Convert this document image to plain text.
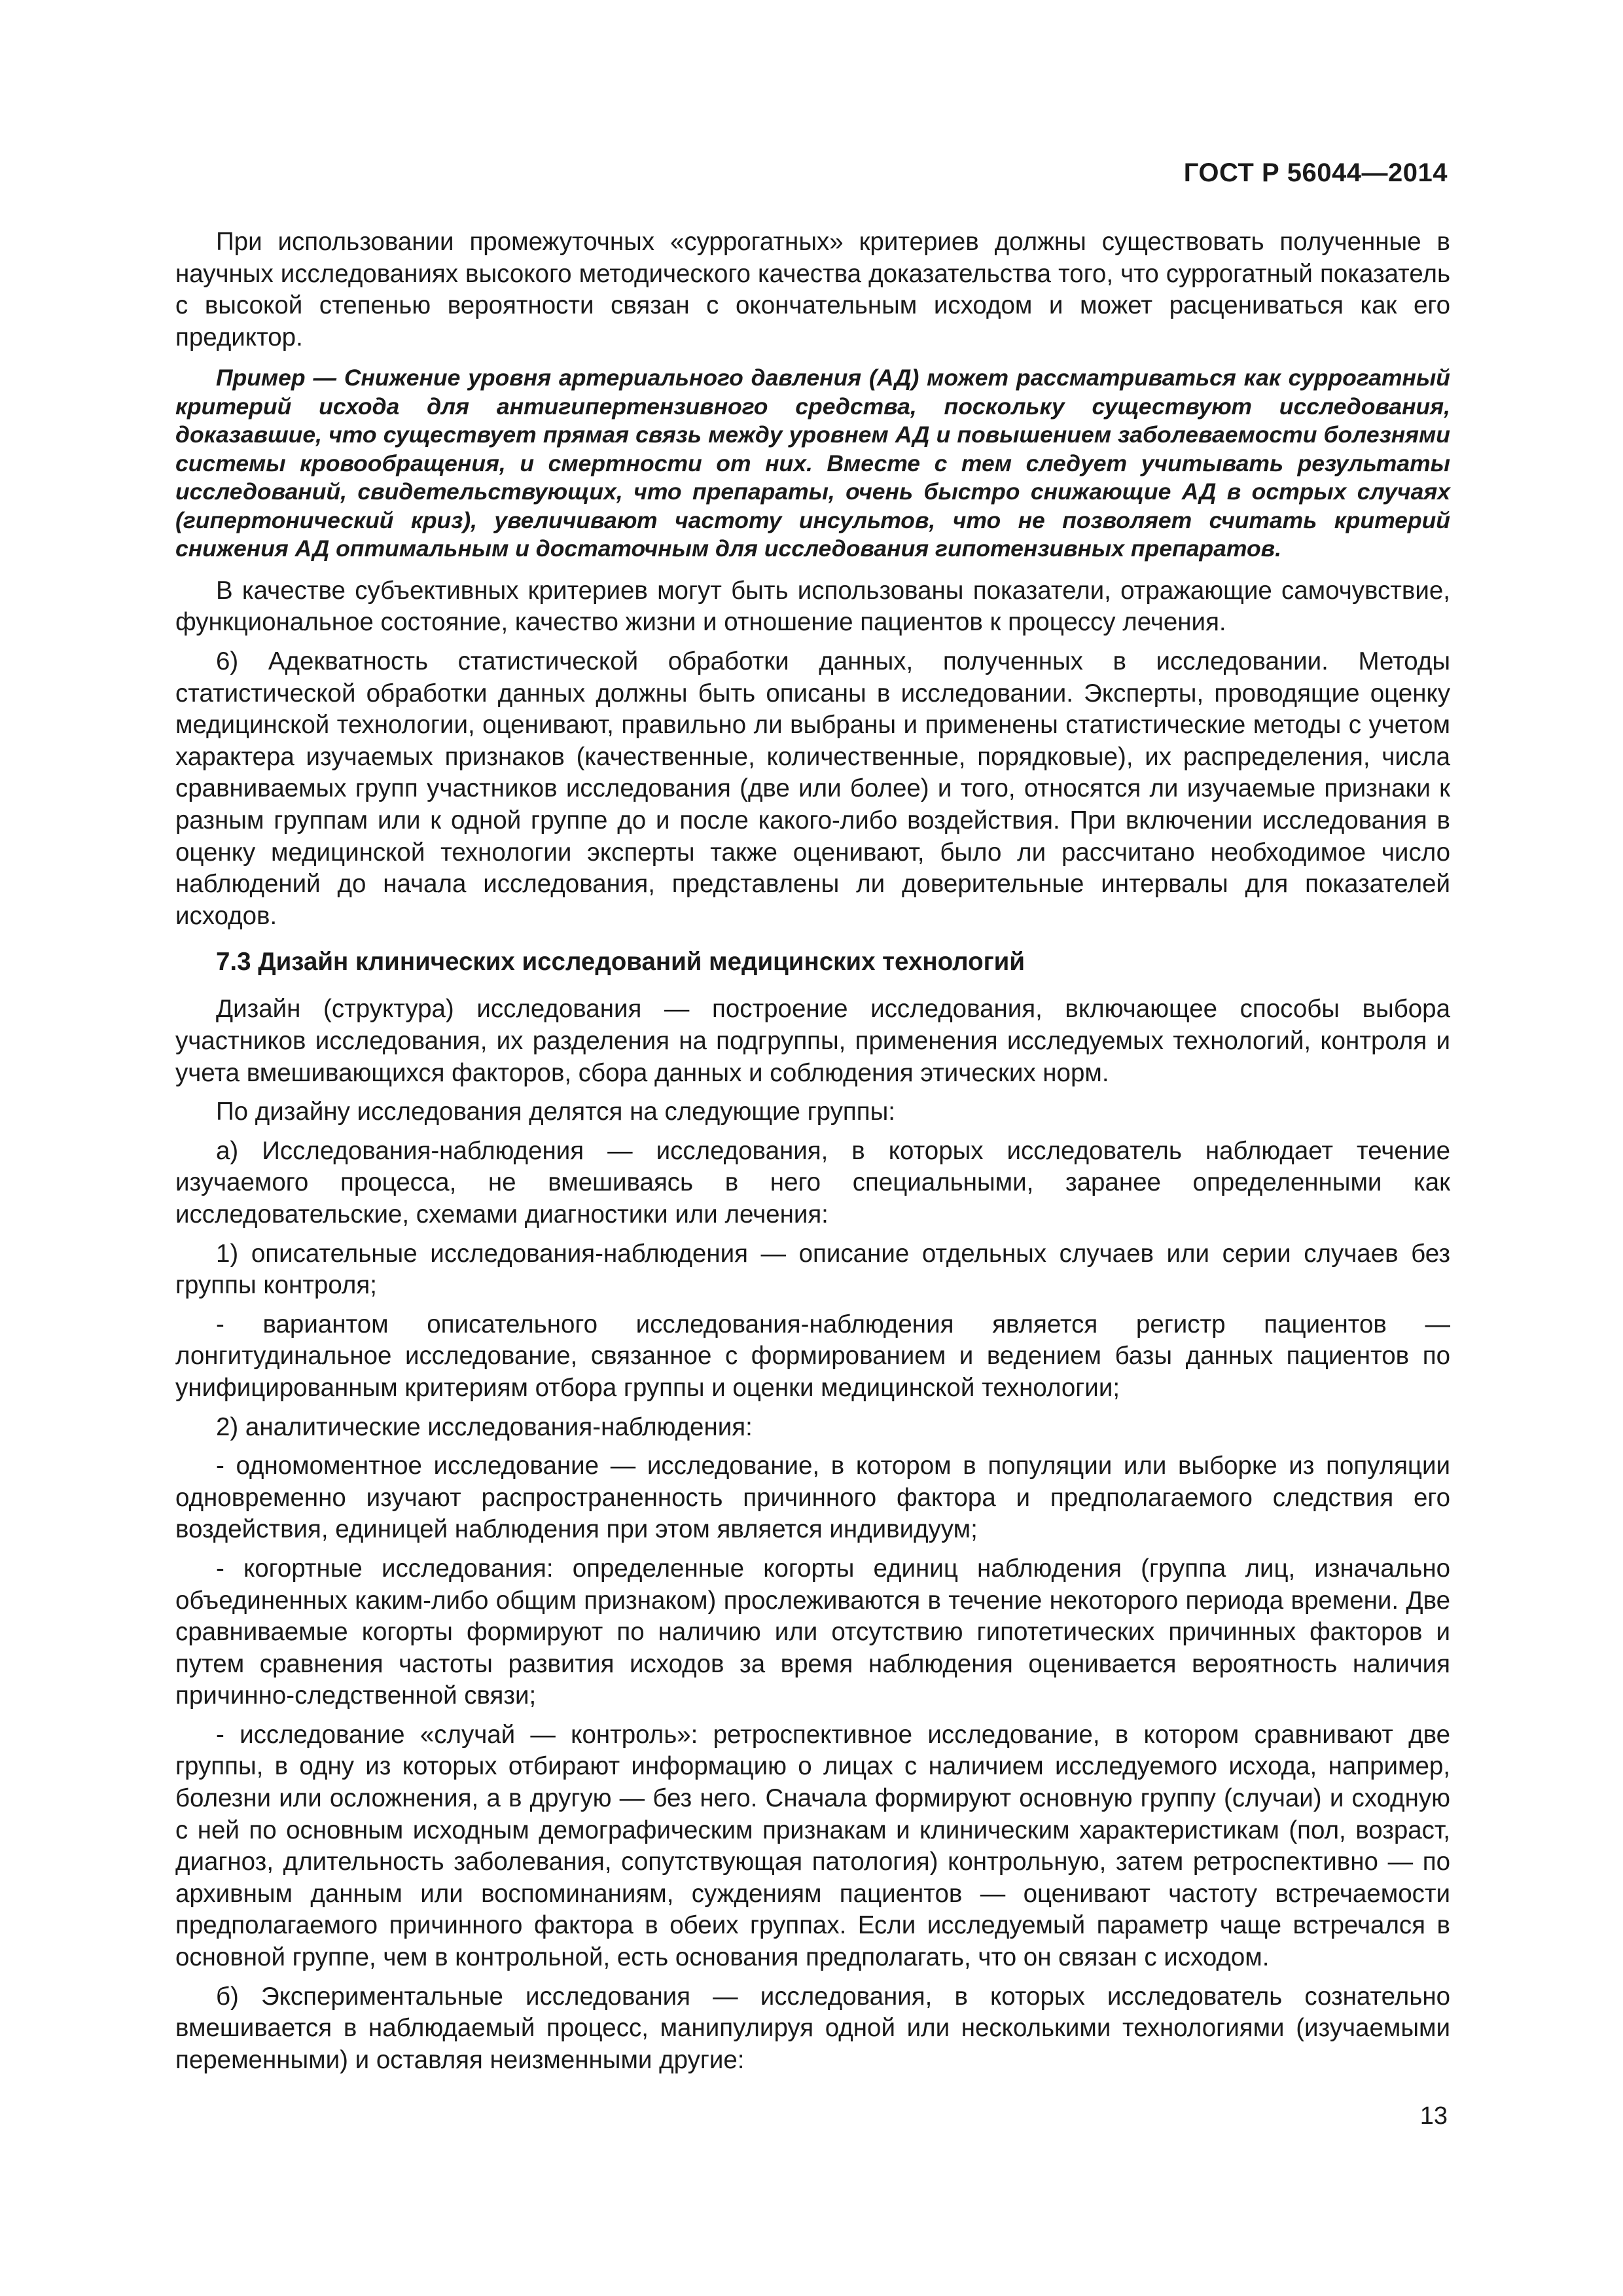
ГОСТ Р 56044—2014

При использовании промежуточных «суррогатных» критериев должны существовать полученные в научных исследованиях высокого методического качества доказательства того, что суррогатный показатель с высокой степенью вероятности связан с окончательным исходом и может расцениваться как его предиктор.

Пример — Снижение уровня артериального давления (АД) может рассматриваться как суррогатный критерий исхода для антигипертензивного средства, поскольку существуют исследования, доказавшие, что существует прямая связь между уровнем АД и повышением заболеваемости болезнями системы кровообращения, и смертности от них. Вместе с тем следует учитывать результаты исследований, свидетельствующих, что препараты, очень быстро снижающие АД в острых случаях (гипертонический криз), увеличивают частоту инсультов, что не позволяет считать критерий снижения АД оптимальным и достаточным для исследования гипотензивных препаратов.

В качестве субъективных критериев могут быть использованы показатели, отражающие самочувствие, функциональное состояние, качество жизни и отношение пациентов к процессу лечения.

6) Адекватность статистической обработки данных, полученных в исследовании. Методы статистической обработки данных должны быть описаны в исследовании. Эксперты, проводящие оценку медицинской технологии, оценивают, правильно ли выбраны и применены статистические методы с учетом характера изучаемых признаков (качественные, количественные, порядковые), их распределения, числа сравниваемых групп участников исследования (две или более) и того, относятся ли изучаемые признаки к разным группам или к одной группе до и после какого-либо воздействия. При включении исследования в оценку медицинской технологии эксперты также оценивают, было ли рассчитано необходимое число наблюдений до начала исследования, представлены ли доверительные интервалы для показателей исходов.

7.3 Дизайн клинических исследований медицинских технологий

Дизайн (структура) исследования — построение исследования, включающее способы выбора участников исследования, их разделения на подгруппы, применения исследуемых технологий, контроля и учета вмешивающихся факторов, сбора данных и соблюдения этических норм.

По дизайну исследования делятся на следующие группы:

а) Исследования-наблюдения — исследования, в которых исследователь наблюдает течение изучаемого процесса, не вмешиваясь в него специальными, заранее определенными как исследовательские, схемами диагностики или лечения:

1) описательные исследования-наблюдения — описание отдельных случаев или серии случаев без группы контроля;

- вариантом описательного исследования-наблюдения является регистр пациентов — лонгитудинальное исследование, связанное с формированием и ведением базы данных пациентов по унифицированным критериям отбора группы и оценки медицинской технологии;

2) аналитические исследования-наблюдения:

- одномоментное исследование — исследование, в котором в популяции или выборке из популяции одновременно изучают распространенность причинного фактора и предполагаемого следствия его воздействия, единицей наблюдения при этом является индивидуум;

- когортные исследования: определенные когорты единиц наблюдения (группа лиц, изначально объединенных каким-либо общим признаком) прослеживаются в течение некоторого периода времени. Две сравниваемые когорты формируют по наличию или отсутствию гипотетических причинных факторов и путем сравнения частоты развития исходов за время наблюдения оценивается вероятность наличия причинно-следственной связи;

- исследование «случай — контроль»: ретроспективное исследование, в котором сравнивают две группы, в одну из которых отбирают информацию о лицах с наличием исследуемого исхода, например, болезни или осложнения, а в другую — без него. Сначала формируют основную группу (случаи) и сходную с ней по основным исходным демографическим признакам и клиническим характеристикам (пол, возраст, диагноз, длительность заболевания, сопутствующая патология) контрольную, затем ретроспективно — по архивным данным или воспоминаниям, суждениям пациентов — оценивают частоту встречаемости предполагаемого причинного фактора в обеих группах. Если исследуемый параметр чаще встречался в основной группе, чем в контрольной, есть основания предполагать, что он связан с исходом.

б) Экспериментальные исследования — исследования, в которых исследователь сознательно вмешивается в наблюдаемый процесс, манипулируя одной или несколькими технологиями (изучаемыми переменными) и оставляя неизменными другие:

13
